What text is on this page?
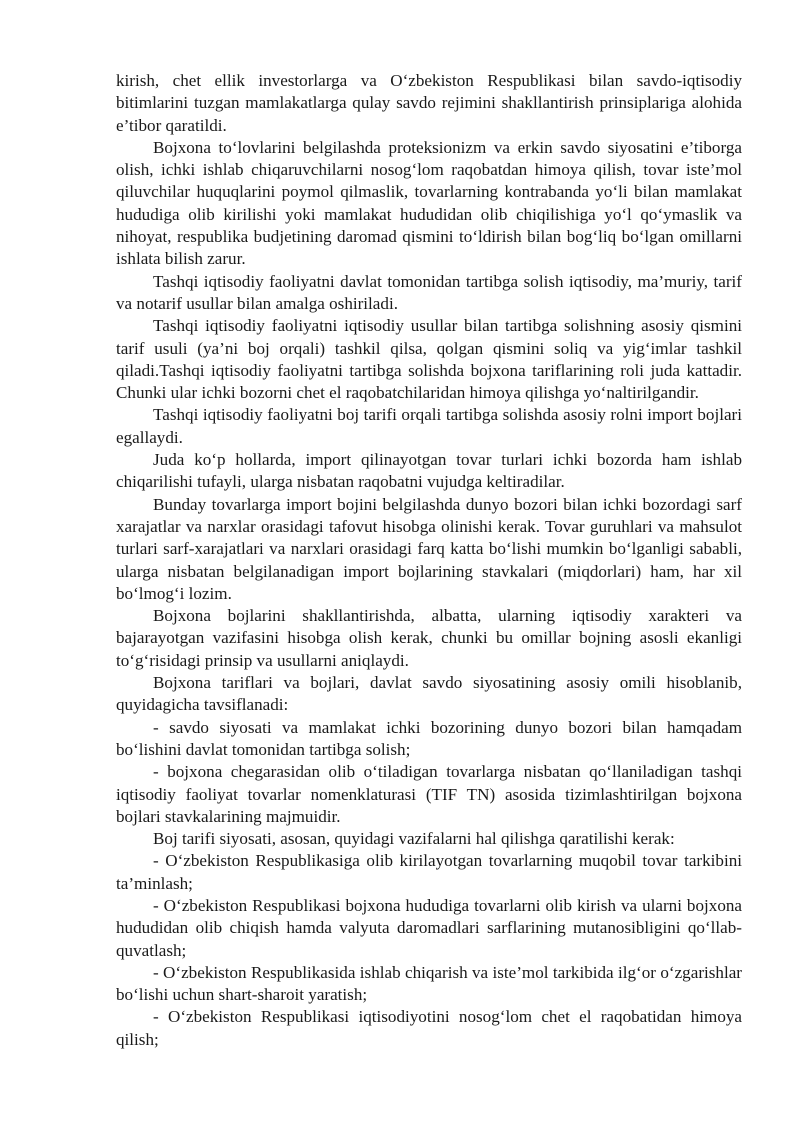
kirish, chet ellik investorlarga va O‘zbekiston Respublikasi bilan savdo-iqtisodiy bitimlarini tuzgan mamlakatlarga qulay savdo rejimini shakllantirish prinsiplariga alohida e’tibor qaratildi.

Bojxona to‘lovlarini belgilashda proteksionizm va erkin savdo siyosatini e’tiborga olish, ichki ishlab chiqaruvchilarni nosog‘lom raqobatdan himoya qilish, tovar iste’mol qiluvchilar huquqlarini poymol qilmaslik, tovarlarning kontrabanda yo‘li bilan mamlakat hududiga olib kirilishi yoki mamlakat hududidan olib chiqilishiga yo‘l qo‘ymaslik va nihoyat, respublika budjetining daromad qismini to‘ldirish bilan bog‘liq bo‘lgan omillarni ishlata bilish zarur.

Tashqi iqtisodiy faoliyatni davlat tomonidan tartibga solish iqtisodiy, ma’muriy, tarif va notarif usullar bilan amalga oshiriladi.

Tashqi iqtisodiy faoliyatni iqtisodiy usullar bilan tartibga solishning asosiy qismini tarif usuli (ya’ni boj orqali) tashkil qilsa, qolgan qismini soliq va yig‘imlar tashkil qiladi.Tashqi iqtisodiy faoliyatni tartibga solishda bojxona tariflarining roli juda kattadir. Chunki ular ichki bozorni chet el raqobatchilaridan himoya qilishga yo‘naltirilgandir.

Tashqi iqtisodiy faoliyatni boj tarifi orqali tartibga solishda asosiy rolni import bojlari egallaydi.

Juda ko‘p hollarda, import qilinayotgan tovar turlari ichki bozorda ham ishlab chiqarilishi tufayli, ularga nisbatan raqobatni vujudga keltiradilar.

Bunday tovarlarga import bojini belgilashda dunyo bozori bilan ichki bozordagi sarf xarajatlar va narxlar orasidagi tafovut hisobga olinishi kerak. Tovar guruhlari va mahsulot turlari sarf-xarajatlari va narxlari orasidagi farq katta bo‘lishi mumkin bo‘lganligi sababli, ularga nisbatan belgilanadigan import bojlarining stavkalari (miqdorlari) ham, har xil bo‘lmog‘i lozim.

Bojxona bojlarini shakllantirishda, albatta, ularning iqtisodiy xarakteri va bajarayotgan vazifasini hisobga olish kerak, chunki bu omillar bojning asosli ekanligi to‘g‘risidagi prinsip va usullarni aniqlaydi.

Bojxona tariflari va bojlari, davlat savdo siyosatining asosiy omili hisoblanib, quyidagicha tavsiflanadi:

- savdo siyosati va mamlakat ichki bozorining dunyo bozori bilan hamqadam bo‘lishini davlat tomonidan tartibga solish;

- bojxona chegarasidan olib o‘tiladigan tovarlarga nisbatan qo‘llaniladigan tashqi iqtisodiy faoliyat tovarlar nomenklaturasi (TIF TN) asosida tizimlashtirilgan bojxona bojlari stavkalarining majmuidir.

Boj tarifi siyosati, asosan, quyidagi vazifalarni hal qilishga qaratilishi kerak:

- O‘zbekiston Respublikasiga olib kirilayotgan tovarlarning muqobil tovar tarkibini ta’minlash;

- O‘zbekiston Respublikasi bojxona hududiga tovarlarni olib kirish va ularni bojxona hududidan olib chiqish hamda valyuta daromadlari sarflarining mutanosibligini qo‘llab-quvatlash;

- O‘zbekiston Respublikasida ishlab chiqarish va iste’mol tarkibida ilg‘or o‘zgarishlar bo‘lishi uchun shart-sharoit yaratish;

- O‘zbekiston Respublikasi iqtisodiyotini nosog‘lom chet el raqobatidan himoya qilish;
